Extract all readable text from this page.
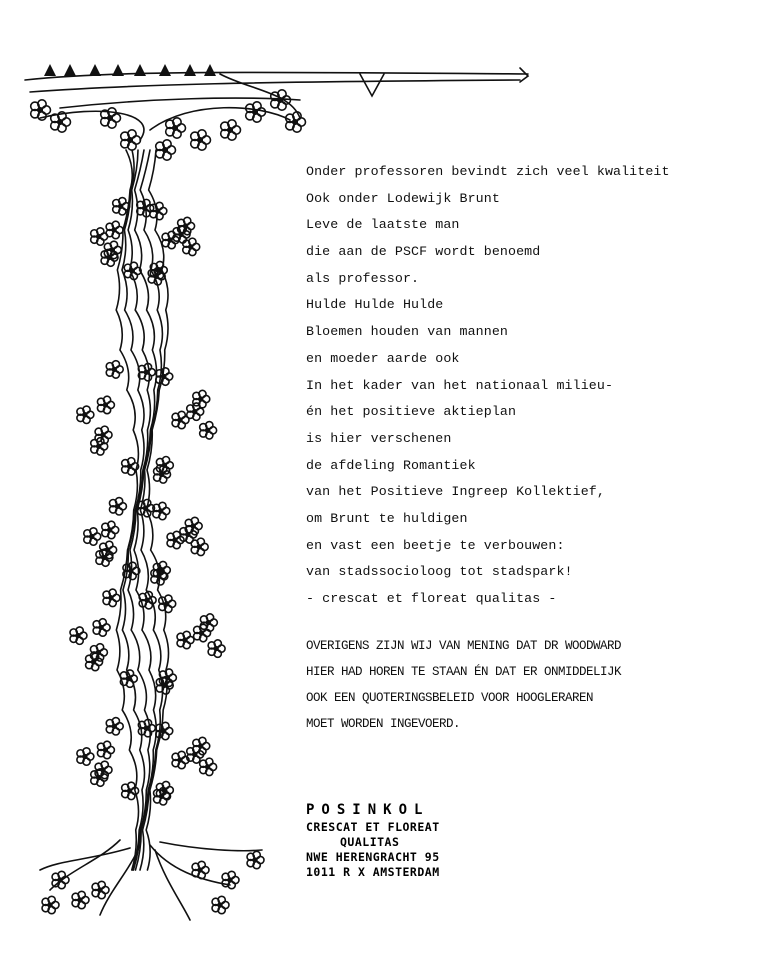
Onder professoren bevindt zich veel kwaliteit
Ook onder Lodewijk Brunt
Leve de laatste man
die aan de PSCF wordt benoemd
als professor.
Hulde Hulde Hulde
Bloemen houden van mannen
en moeder aarde ook
In het kader van het nationaal milieu-
én het positieve aktieplan
is hier verschenen
de afdeling Romantiek
van het Positieve Ingreep Kollektief,
om Brunt te huldigen
en vast een beetje te verbouwen:
van stadssocioloog tot stadspark!
- crescat et floreat qualitas -
OVERIGENS ZIJN WIJ VAN MENING DAT DR WOODWARD
HIER HAD HOREN TE STAAN ÉN DAT ER ONMIDDELIJK
OOK EEN QUOTERINGSBELEID VOOR HOOGLERAREN
MOET WORDEN INGEVOERD.
POSINKOL
CRESCAT ET FLOREAT
QUALITAS
NWE HERENGRACHT 95
1011 R X AMSTERDAM
